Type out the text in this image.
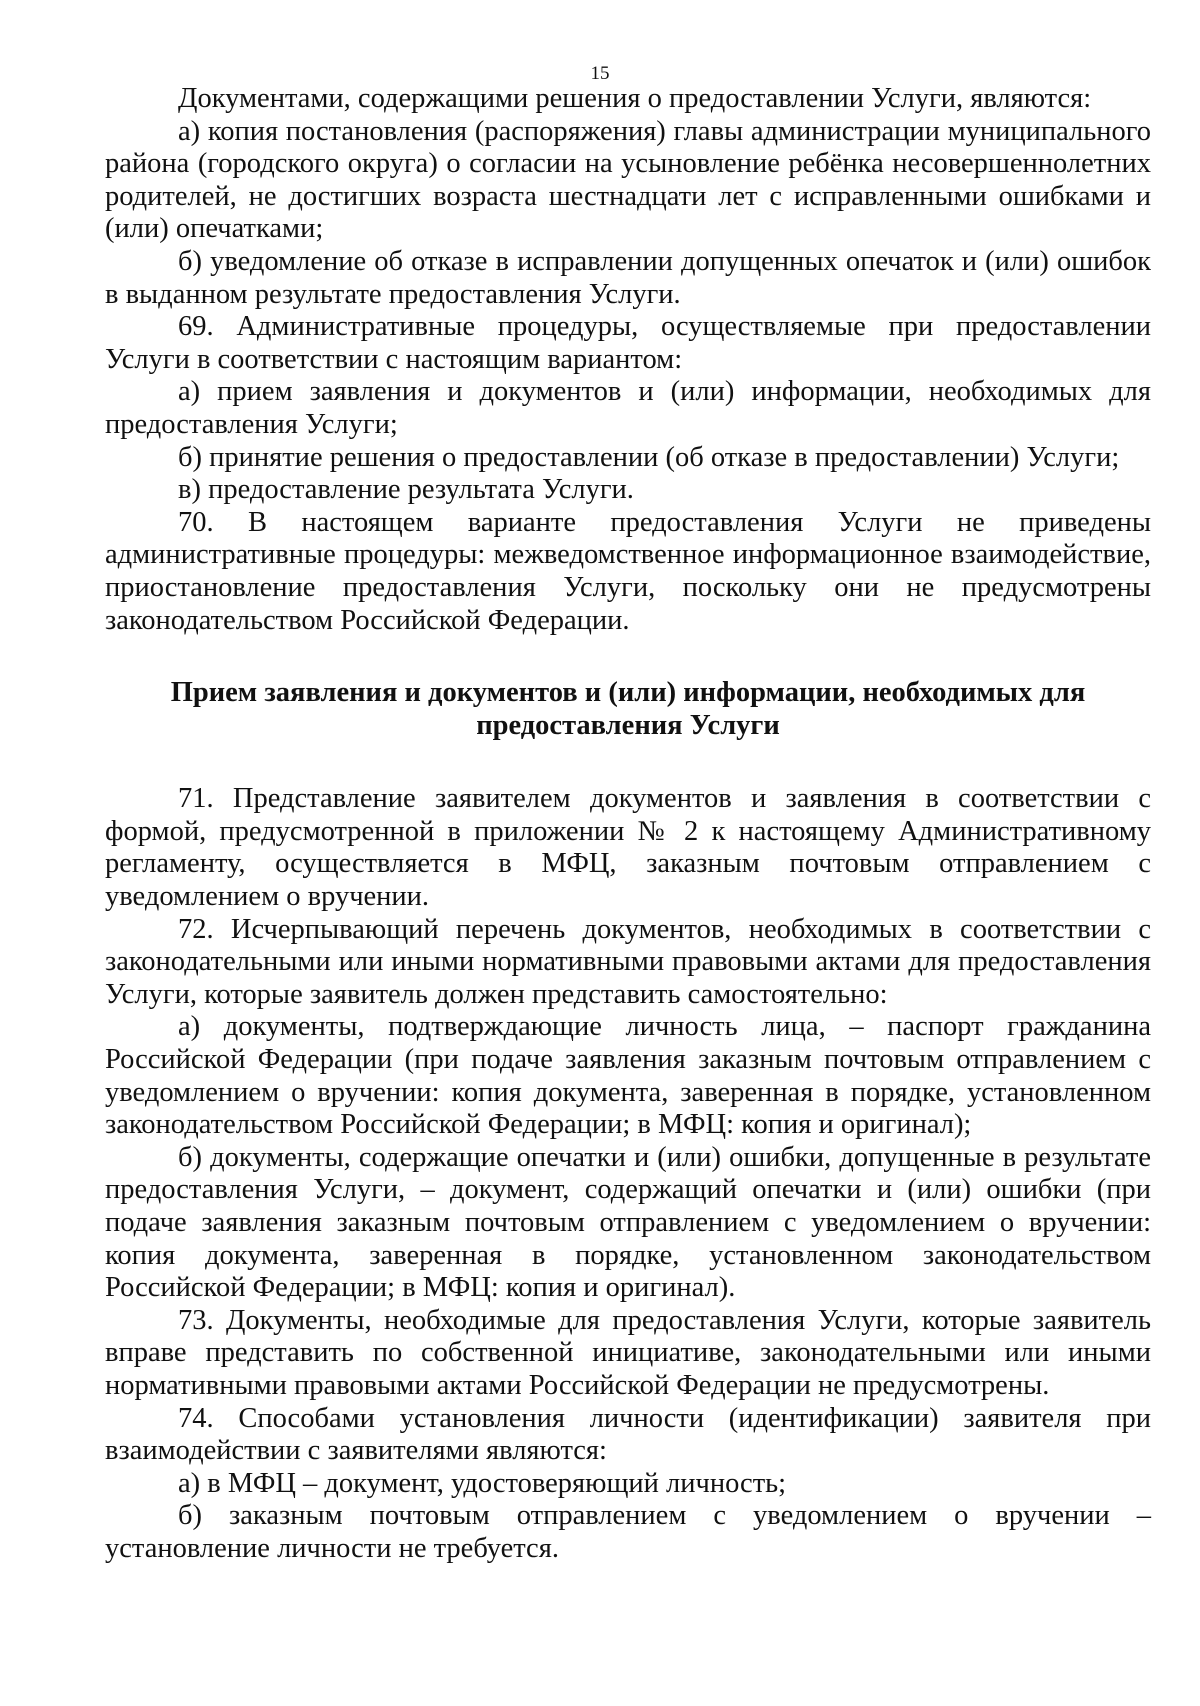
15

Документами, содержащими решения о предоставлении Услуги, являются:

а) копия постановления (распоряжения) главы администрации муниципального района (городского округа) о согласии на усыновление ребёнка несовершеннолетних родителей, не достигших возраста шестнадцати лет с исправленными ошибками и (или) опечатками;

б) уведомление об отказе в исправлении допущенных опечаток и (или) ошибок в выданном результате предоставления Услуги.

69. Административные процедуры, осуществляемые при предоставлении Услуги в соответствии с настоящим вариантом:

а) прием заявления и документов и (или) информации, необходимых для предоставления Услуги;

б) принятие решения о предоставлении (об отказе в предоставлении) Услуги;

в) предоставление результата Услуги.

70. В настоящем варианте предоставления Услуги не приведены административные процедуры: межведомственное информационное взаимодействие, приостановление предоставления Услуги, поскольку они не предусмотрены законодательством Российской Федерации.

Прием заявления и документов и (или) информации, необходимых для предоставления Услуги

71. Представление заявителем документов и заявления в соответствии с формой, предусмотренной в приложении № 2 к настоящему Административному регламенту, осуществляется в МФЦ, заказным почтовым отправлением с уведомлением о вручении.

72. Исчерпывающий перечень документов, необходимых в соответствии с законодательными или иными нормативными правовыми актами для предоставления Услуги, которые заявитель должен представить самостоятельно:

а) документы, подтверждающие личность лица, – паспорт гражданина Российской Федерации (при подаче заявления заказным почтовым отправлением с уведомлением о вручении: копия документа, заверенная в порядке, установленном законодательством Российской Федерации; в МФЦ: копия и оригинал);

б) документы, содержащие опечатки и (или) ошибки, допущенные в результате предоставления Услуги, – документ, содержащий опечатки и (или) ошибки (при подаче заявления заказным почтовым отправлением с уведомлением о вручении: копия документа, заверенная в порядке, установленном законодательством Российской Федерации; в МФЦ: копия и оригинал).

73. Документы, необходимые для предоставления Услуги, которые заявитель вправе представить по собственной инициативе, законодательными или иными нормативными правовыми актами Российской Федерации не предусмотрены.

74. Способами установления личности (идентификации) заявителя при взаимодействии с заявителями являются:

а) в МФЦ – документ, удостоверяющий личность;

б) заказным почтовым отправлением с уведомлением о вручении – установление личности не требуется.
